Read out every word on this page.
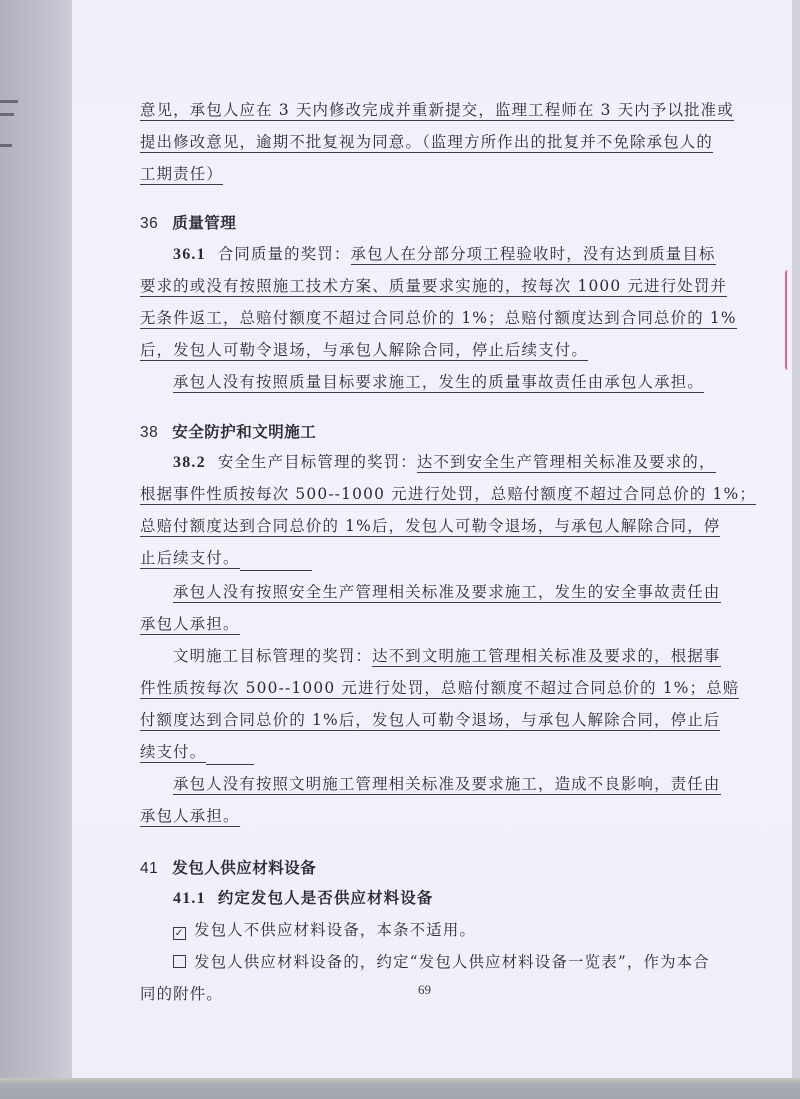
意见，承包人应在 3 天内修改完成并重新提交，监理工程师在 3 天内予以批准或
提出修改意见，逾期不批复视为同意。（监理方所作出的批复并不免除承包人的
工期责任）
36 质量管理
36.1 合同质量的奖罚：承包人在分部分项工程验收时，没有达到质量目标
要求的或没有按照施工技术方案、质量要求实施的，按每次 1000 元进行处罚并
无条件返工，总赔付额度不超过合同总价的 1%；总赔付额度达到合同总价的 1%
后，发包人可勒令退场，与承包人解除合同，停止后续支付。
承包人没有按照质量目标要求施工，发生的质量事故责任由承包人承担。
38 安全防护和文明施工
38.2 安全生产目标管理的奖罚：达不到安全生产管理相关标准及要求的，
根据事件性质按每次 500--1000 元进行处罚，总赔付额度不超过合同总价的 1%；
总赔付额度达到合同总价的 1%后，发包人可勒令退场，与承包人解除合同，停
止后续支付。
承包人没有按照安全生产管理相关标准及要求施工，发生的安全事故责任由
承包人承担。
文明施工目标管理的奖罚：达不到文明施工管理相关标准及要求的，根据事
件性质按每次 500--1000 元进行处罚，总赔付额度不超过合同总价的 1%；总赔
付额度达到合同总价的 1%后，发包人可勒令退场，与承包人解除合同，停止后
续支付。
承包人没有按照文明施工管理相关标准及要求施工，造成不良影响，责任由
承包人承担。
41 发包人供应材料设备
41.1 约定发包人是否供应材料设备
✓ 发包人不供应材料设备，本条不适用。
发包人供应材料设备的，约定“发包人供应材料设备一览表”，作为本合
同的附件。	69
